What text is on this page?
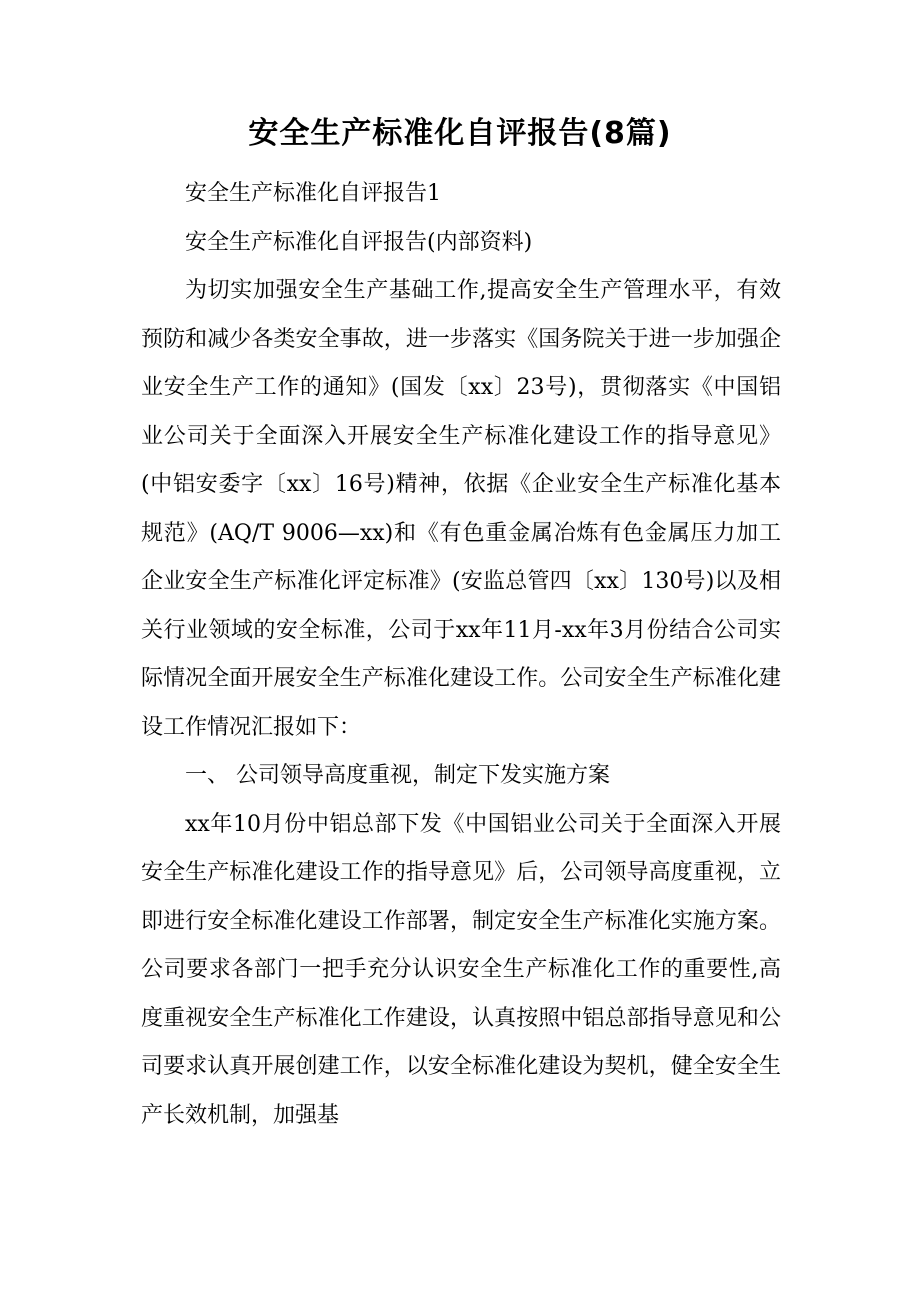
安全生产标准化自评报告(8篇)

安全生产标准化自评报告1

安全生产标准化自评报告(内部资料)

为切实加强安全生产基础工作,提高安全生产管理水平，有效预防和减少各类安全事故，进一步落实《国务院关于进一步加强企业安全生产工作的通知》(国发〔xx〕23号)，贯彻落实《中国铝业公司关于全面深入开展安全生产标准化建设工作的指导意见》(中铝安委字〔xx〕16号)精神，依据《企业安全生产标准化基本规范》(AQ/T 9006—xx)和《有色重金属冶炼有色金属压力加工企业安全生产标准化评定标准》(安监总管四〔xx〕130号)以及相关行业领域的安全标准，公司于xx年11月-xx年3月份结合公司实际情况全面开展安全生产标准化建设工作。公司安全生产标准化建设工作情况汇报如下：

一、 公司领导高度重视，制定下发实施方案

xx年10月份中铝总部下发《中国铝业公司关于全面深入开展安全生产标准化建设工作的指导意见》后，公司领导高度重视，立即进行安全标准化建设工作部署，制定安全生产标准化实施方案。公司要求各部门一把手充分认识安全生产标准化工作的重要性,高度重视安全生产标准化工作建设，认真按照中铝总部指导意见和公司要求认真开展创建工作，以安全标准化建设为契机，健全安全生产长效机制，加强基
